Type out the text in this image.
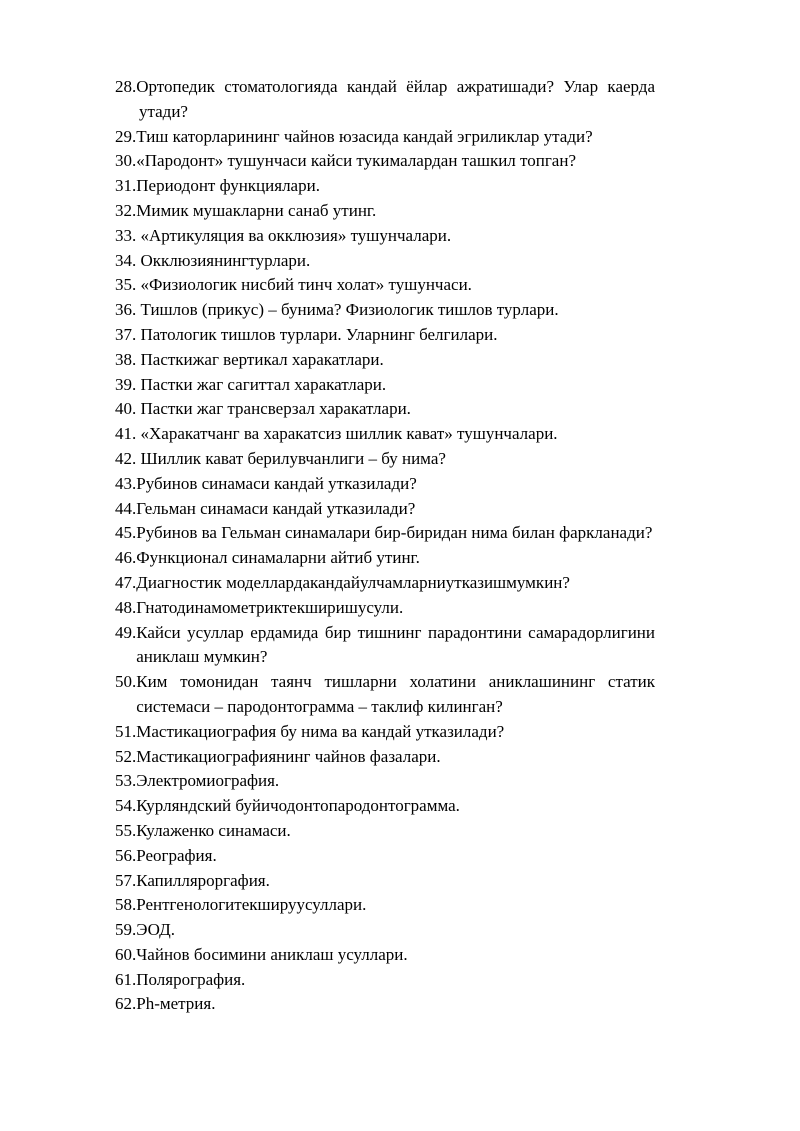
28.Ортопедик стоматологияда кандай ёйлар ажратишади? Улар каерда утади?
29. Тиш каторларининг чайнов юзасида кандай эгриликлар утади?
30. «Пародонт» тушунчаси кайси тукималардан ташкил топган?
31. Периодонт функциялари.
32. Мимик мушакларни санаб утинг.
33. «Артикуляция ва окклюзия» тушунчалари.
34. Окклюзиянингтурлари.
35. «Физиологик нисбий тинч холат» тушунчаси.
36. Тишлов (прикус) – бунима? Физиологик тишлов турлари.
37. Патологик тишлов турлари. Уларнинг белгилари.
38. Пасткижаг вертикал харакатлари.
39. Пастки жаг сагиттал харакатлари.
40. Пастки жаг трансверзал харакатлари.
41. «Харакатчанг ва харакатсиз шиллик кават» тушунчалари.
42. Шиллик кават берилувчанлиги – бу нима?
43. Рубинов синамаси кандай утказилади?
44. Гельман синамаси кандай утказилади?
45. Рубинов ва Гельман синамалари бир-биридан нима билан фаркланади?
46. Функционал синамаларни айтиб утинг.
47. Диагностик моделлардакандайулчамларниутказишмумкин?
48. Гнатодинамометриктекширишусули.
49. Кайси усуллар ердамида бир тишнинг парадонтини самарадорлигини аниклаш мумкин?
50. Ким томонидан таянч тишларни холатини аниклашининг статик системаси – пародонтограмма – таклиф килинган?
51. Мастикациография бу нима ва кандай утказилади?
52. Мастикациографиянинг чайнов фазалари.
53. Электромиография.
54. Курляндский буйичодонтопародонтограмма.
55. Кулаженко синамаси.
56. Реография.
57. Капилляроргафия.
58. Рентгенологитекшируусуллари.
59. ЭОД.
60. Чайнов босимини аниклаш усуллари.
61. Полярография.
62. Ph-метрия.
